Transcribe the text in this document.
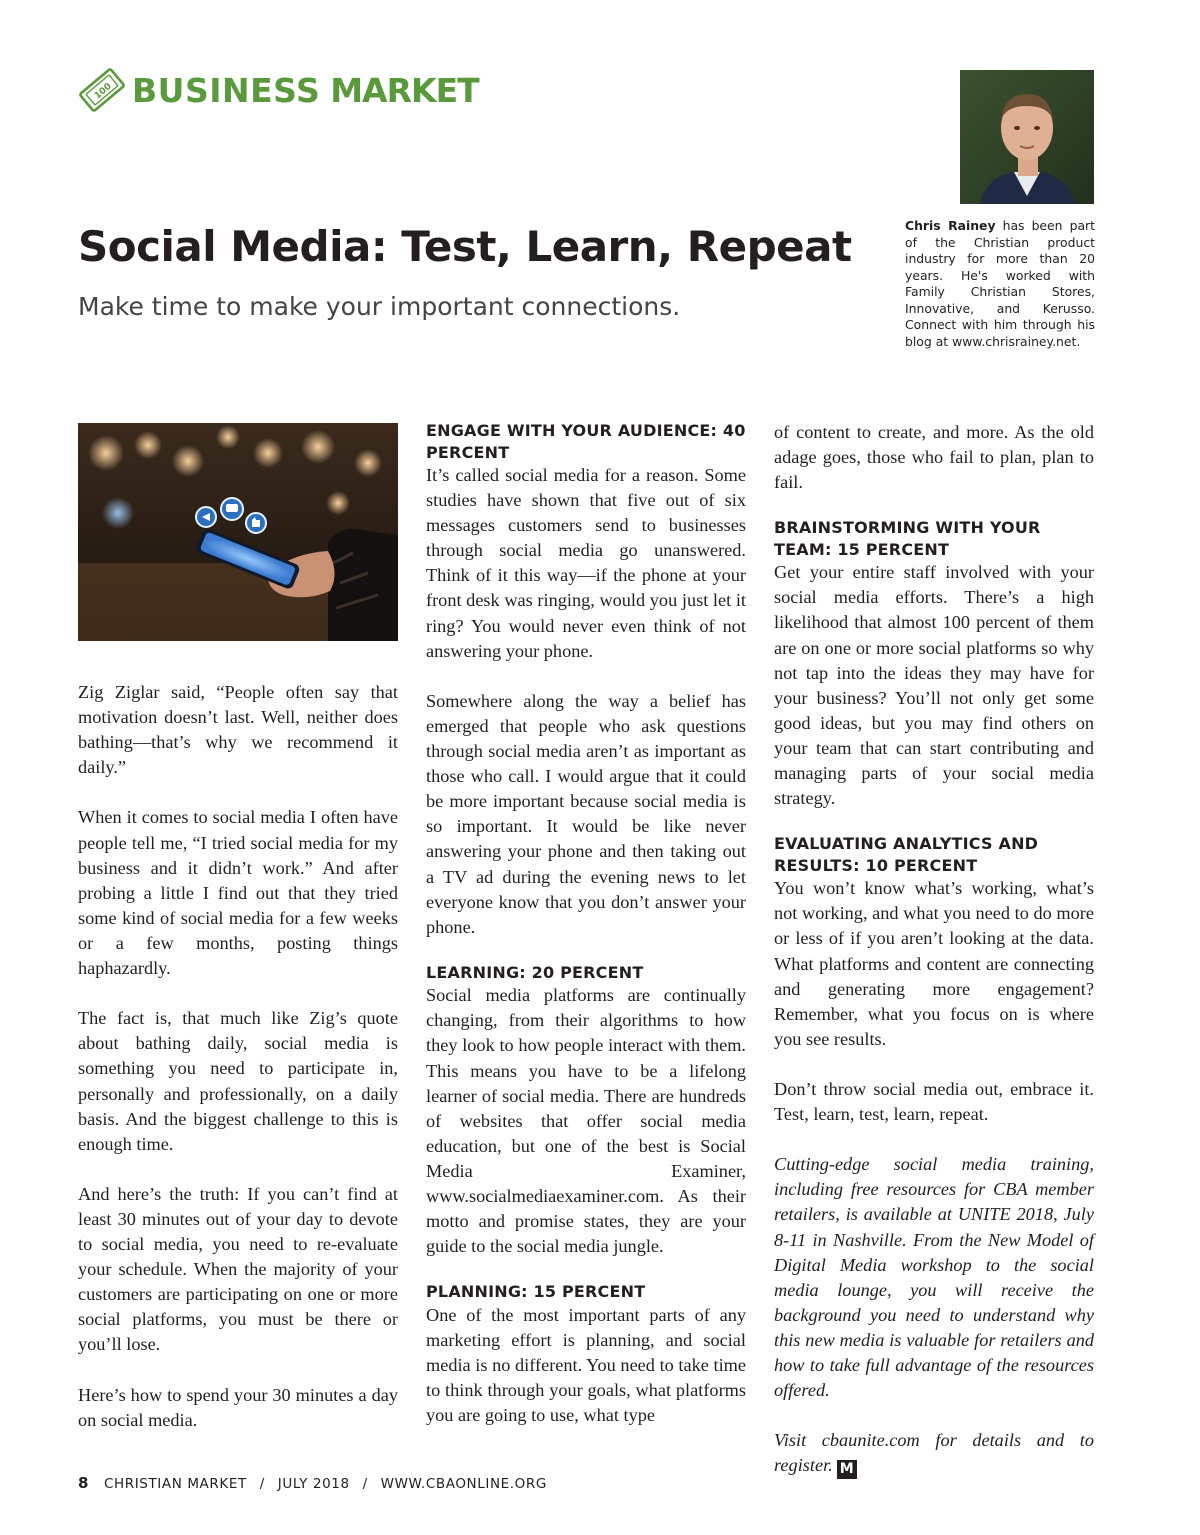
100 BUSINESS MARKET
Chris Rainey has been part of the Christian product industry for more than 20 years. He's worked with Family Christian Stores, Innovative, and Kerusso. Connect with him through his blog at www.chrisrainey.net.
Social Media: Test, Learn, Repeat
Make time to make your important connections.

Zig Ziglar said, “People often say that motivation doesn’t last. Well, neither does bathing—that’s why we recommend it daily.”

When it comes to social media I often have people tell me, “I tried social media for my business and it didn’t work.” And after probing a little I find out that they tried some kind of social media for a few weeks or a few months, posting things haphazardly.

The fact is, that much like Zig’s quote about bathing daily, social media is something you need to participate in, personally and professionally, on a daily basis. And the biggest challenge to this is enough time.

And here’s the truth: If you can’t find at least 30 minutes out of your day to devote to social media, you need to re-evaluate your schedule. When the majority of your customers are participating on one or more social platforms, you must be there or you’ll lose.

Here’s how to spend your 30 minutes a day on social media.

ENGAGE WITH YOUR AUDIENCE: 40 PERCENT

It’s called social media for a reason. Some studies have shown that five out of six messages customers send to businesses through social media go unanswered. Think of it this way—if the phone at your front desk was ringing, would you just let it ring? You would never even think of not answering your phone.

Somewhere along the way a belief has emerged that people who ask questions through social media aren’t as important as those who call. I would argue that it could be more important because social media is so important. It would be like never answering your phone and then taking out a TV ad during the evening news to let everyone know that you don’t answer your phone.

LEARNING: 20 PERCENT

Social media platforms are continually changing, from their algorithms to how they look to how people interact with them. This means you have to be a lifelong learner of social media. There are hundreds of websites that offer social media education, but one of the best is Social Media Examiner, www.socialmediaexaminer.com. As their motto and promise states, they are your guide to the social media jungle.

PLANNING: 15 PERCENT

One of the most important parts of any marketing effort is planning, and social media is no different. You need to take time to think through your goals, what platforms you are going to use, what type

of content to create, and more. As the old adage goes, those who fail to plan, plan to fail.

BRAINSTORMING WITH YOUR TEAM: 15 PERCENT

Get your entire staff involved with your social media efforts. There’s a high likelihood that almost 100 percent of them are on one or more social platforms so why not tap into the ideas they may have for your business? You’ll not only get some good ideas, but you may find others on your team that can start contributing and managing parts of your social media strategy.

EVALUATING ANALYTICS AND RESULTS: 10 PERCENT

You won’t know what’s working, what’s not working, and what you need to do more or less of if you aren’t looking at the data. What platforms and content are connecting and generating more engagement? Remember, what you focus on is where you see results.

Don’t throw social media out, embrace it. Test, learn, test, learn, repeat.

Cutting-edge social media training, including free resources for CBA member retailers, is available at UNITE 2018, July 8-11 in Nashville. From the New Model of Digital Media workshop to the social media lounge, you will receive the background you need to understand why this new media is valuable for retailers and how to take full advantage of the resources offered.

Visit cbaunite.com for details and to register. M

8 CHRISTIAN MARKET / JULY 2018 / WWW.CBAONLINE.ORG
